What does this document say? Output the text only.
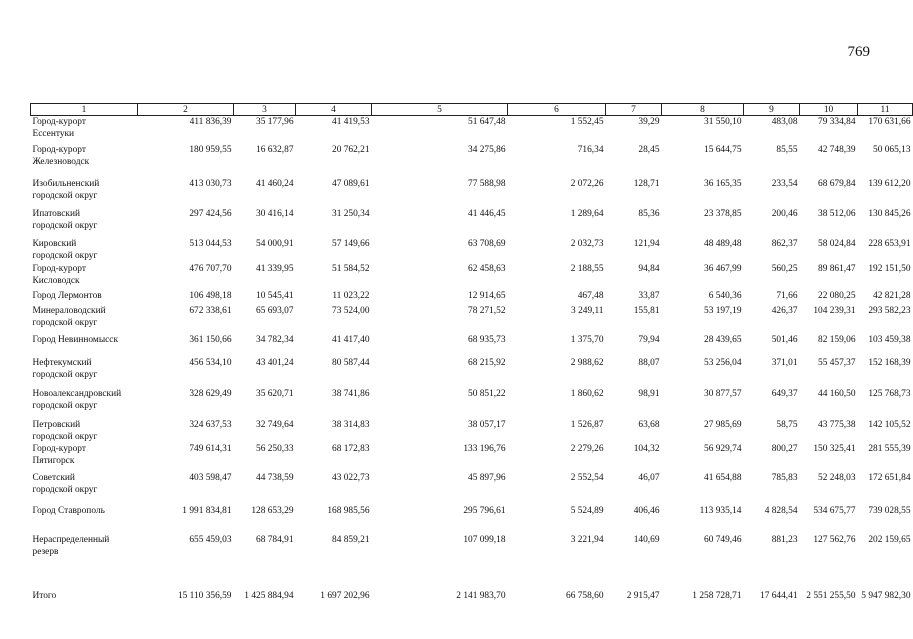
769
1	2	3	4	5	6	7	8	9	10	11
Город-курорт
Ессентуки	411 836,39	35 177,96	41 419,53	51 647,48	1 552,45	39,29	31 550,10	483,08	79 334,84	170 631,66
Город-курорт
Железноводск	180 959,55	16 632,87	20 762,21	34 275,86	716,34	28,45	15 644,75	85,55	42 748,39	50 065,13
Изобильненский
городской округ	413 030,73	41 460,24	47 089,61	77 588,98	2 072,26	128,71	36 165,35	233,54	68 679,84	139 612,20
Ипатовский
городской округ	297 424,56	30 416,14	31 250,34	41 446,45	1 289,64	85,36	23 378,85	200,46	38 512,06	130 845,26
Кировский
городской округ	513 044,53	54 000,91	57 149,66	63 708,69	2 032,73	121,94	48 489,48	862,37	58 024,84	228 653,91
Город-курорт
Кисловодск	476 707,70	41 339,95	51 584,52	62 458,63	2 188,55	94,84	36 467,99	560,25	89 861,47	192 151,50
Город Лермонтов	106 498,18	10 545,41	11 023,22	12 914,65	467,48	33,87	6 540,36	71,66	22 080,25	42 821,28
Минераловодский
городской округ	672 338,61	65 693,07	73 524,00	78 271,52	3 249,11	155,81	53 197,19	426,37	104 239,31	293 582,23
Город Невинномысск	361 150,66	34 782,34	41 417,40	68 935,73	1 375,70	79,94	28 439,65	501,46	82 159,06	103 459,38
Нефтекумский
городской округ	456 534,10	43 401,24	80 587,44	68 215,92	2 988,62	88,07	53 256,04	371,01	55 457,37	152 168,39
Новоалександровский
городской округ	328 629,49	35 620,71	38 741,86	50 851,22	1 860,62	98,91	30 877,57	649,37	44 160,50	125 768,73
Петровский
городской округ	324 637,53	32 749,64	38 314,83	38 057,17	1 526,87	63,68	27 985,69	58,75	43 775,38	142 105,52
Город-курорт
Пятигорск	749 614,31	56 250,33	68 172,83	133 196,76	2 279,26	104,32	56 929,74	800,27	150 325,41	281 555,39
Советский
городской округ	403 598,47	44 738,59	43 022,73	45 897,96	2 552,54	46,07	41 654,88	785,83	52 248,03	172 651,84
Город Ставрополь	1 991 834,81	128 653,29	168 985,56	295 796,61	5 524,89	406,46	113 935,14	4 828,54	534 675,77	739 028,55
Нераспределенный
резерв	655 459,03	68 784,91	84 859,21	107 099,18	3 221,94	140,69	60 749,46	881,23	127 562,76	202 159,65
Итого	15 110 356,59	1 425 884,94	1 697 202,96	2 141 983,70	66 758,60	2 915,47	1 258 728,71	17 644,41	2 551 255,50	5 947 982,30
